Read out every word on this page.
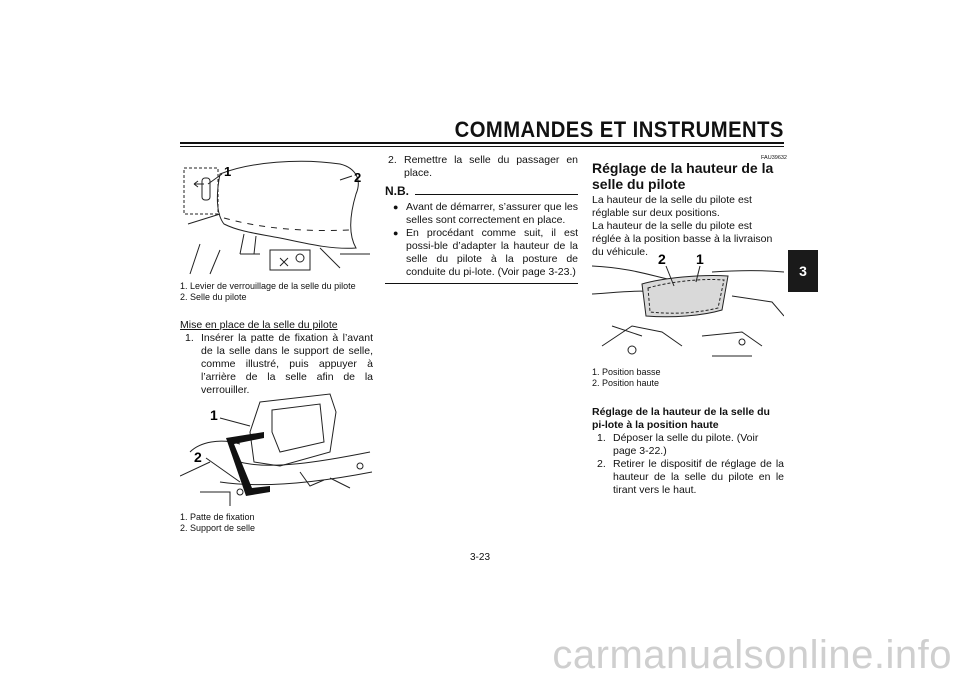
COMMANDES ET INSTRUMENTS
3
1	2
1. Levier de verrouillage de la selle du pilote
2. Selle du pilote
Mise en place de la selle du pilote
1. Insérer la patte de fixation à l’avant de la selle dans le support de selle, comme illustré, puis appuyer à l’arrière de la selle afin de la verrouiller.
1
2
1. Patte de fixation
2. Support de selle
2. Remettre la selle du passager en place.
N.B.
● Avant de démarrer, s’assurer que les selles sont correctement en place.
● En procédant comme suit, il est possi-ble d’adapter la hauteur de la selle du pilote à la posture de conduite du pi-lote. (Voir page 3-23.)
FAU39632
Réglage de la hauteur de la selle du pilote
La hauteur de la selle du pilote est réglable sur deux positions.
La hauteur de la selle du pilote est réglée à la position basse à la livraison du véhicule. 2 1
1. Position basse
2. Position haute
Réglage de la hauteur de la selle du pi-lote à la position haute
1. Déposer la selle du pilote. (Voir page 3-22.)
2. Retirer le dispositif de réglage de la hauteur de la selle du pilote en le tirant vers le haut.
3-23
carmanualsonline.info
